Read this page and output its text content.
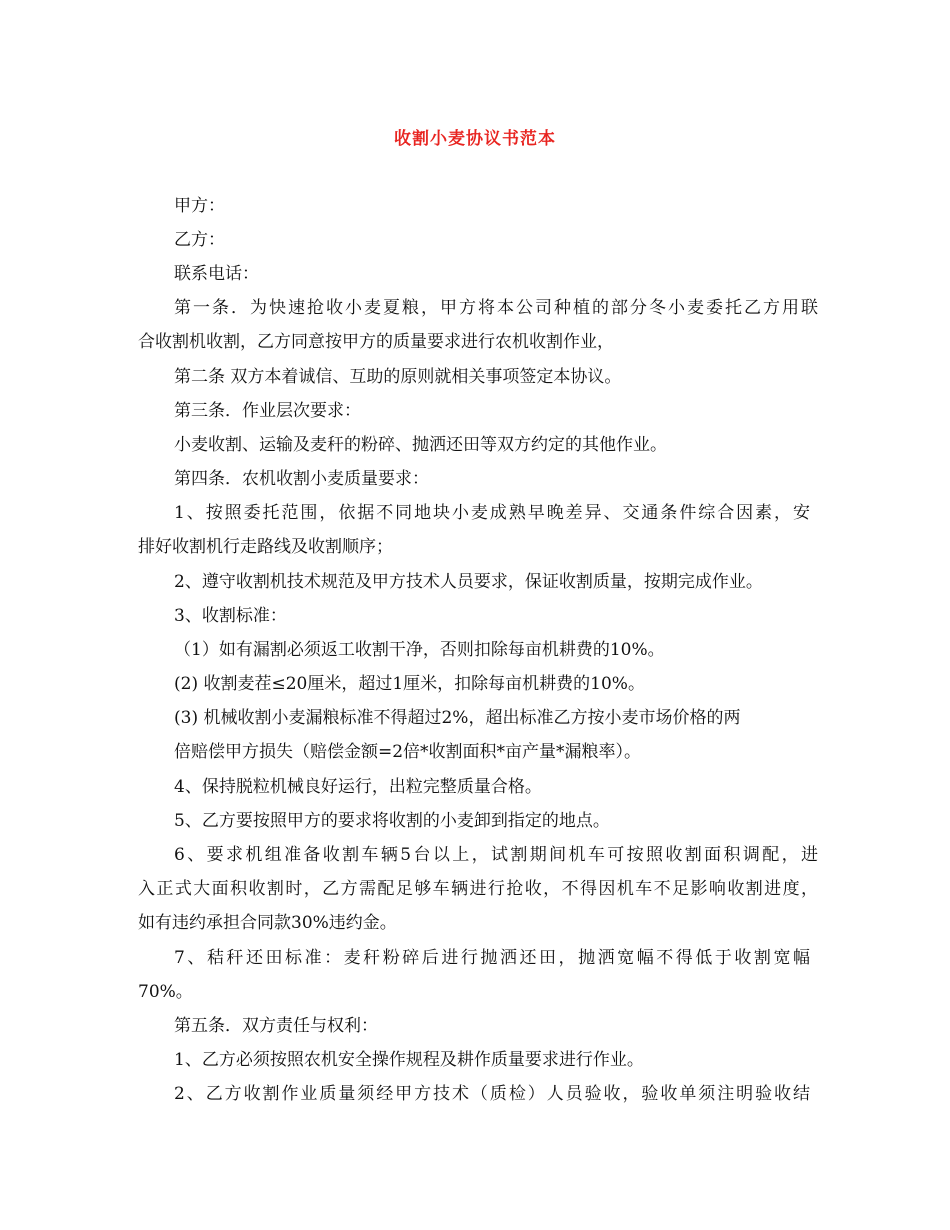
收割小麦协议书范本
甲方：
乙方：
联系电话：
第一条．为快速抢收小麦夏粮，甲方将本公司种植的部分冬小麦委托乙方用联
合收割机收割，乙方同意按甲方的质量要求进行农机收割作业，
第二条 双方本着诚信、互助的原则就相关事项签定本协议。
第三条．作业层次要求：
小麦收割、运输及麦秆的粉碎、抛洒还田等双方约定的其他作业。
第四条．农机收割小麦质量要求：
1、按照委托范围，依据不同地块小麦成熟早晚差异、交通条件综合因素，安
排好收割机行走路线及收割顺序；
2、遵守收割机技术规范及甲方技术人员要求，保证收割质量，按期完成作业。
3、收割标准：
（1）如有漏割必须返工收割干净，否则扣除每亩机耕费的10%。
(2) 收割麦茬≤20厘米，超过1厘米，扣除每亩机耕费的10%。
(3) 机械收割小麦漏粮标准不得超过2%，超出标准乙方按小麦市场价格的两
倍赔偿甲方损失（赔偿金额=2倍*收割面积*亩产量*漏粮率）。
4、保持脱粒机械良好运行，出粒完整质量合格。
5、乙方要按照甲方的要求将收割的小麦卸到指定的地点。
6、要求机组准备收割车辆5台以上，试割期间机车可按照收割面积调配，进
入正式大面积收割时，乙方需配足够车辆进行抢收，不得因机车不足影响收割进度，
如有违约承担合同款30%违约金。
7、秸秆还田标准：麦秆粉碎后进行抛洒还田，抛洒宽幅不得低于收割宽幅
70%。
第五条．双方责任与权利：
1、乙方必须按照农机安全操作规程及耕作质量要求进行作业。
2、乙方收割作业质量须经甲方技术（质检）人员验收，验收单须注明验收结
